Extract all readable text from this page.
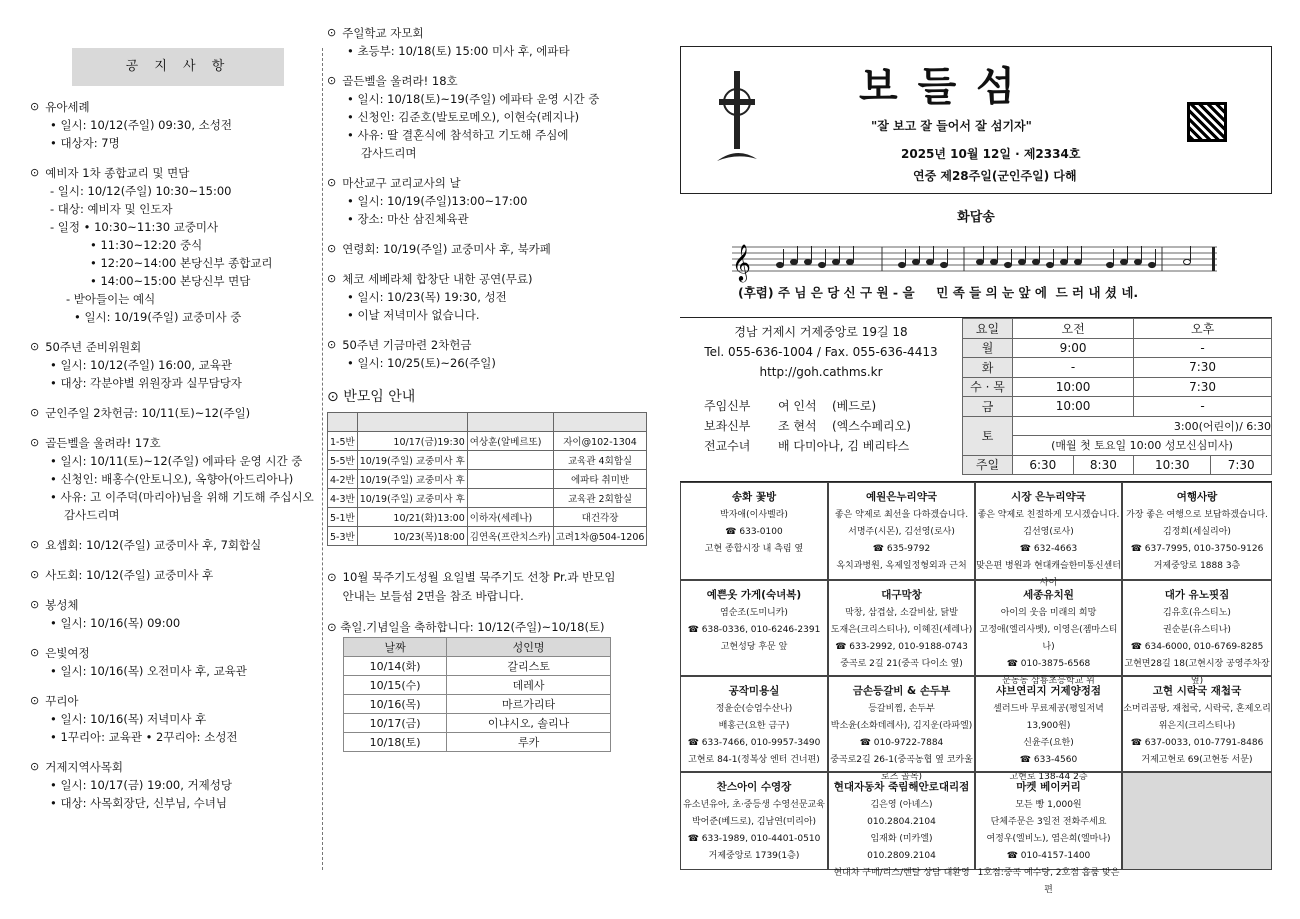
공 지 사 항
⊙ 유아세례
• 일시: 10/12(주일) 09:30, 소성전
• 대상자: 7명
⊙ 예비자 1차 종합교리 및 면담
- 일시: 10/12(주일) 10:30~15:00
- 대상: 예비자 및 인도자
- 일정 • 10:30~11:30 교중미사
• 11:30~12:20 중식
• 12:20~14:00 본당신부 종합교리
• 14:00~15:00 본당신부 면담
- 받아들이는 예식
• 일시: 10/19(주일) 교중미사 중
⊙ 50주년 준비위원회
• 일시: 10/12(주일) 16:00, 교육관
• 대상: 각분야별 위원장과 실무담당자
⊙ 군인주일 2차헌금: 10/11(토)~12(주일)
⊙ 골든벨을 울려라! 17호
• 일시: 10/11(토)~12(주일) 에파타 운영 시간 중
• 신청인: 배홍수(안토니오), 옥향아(아드리아나)
• 사유: 고 이주덕(마리아)님을 위해 기도해 주십시오
감사드리며
⊙ 요셉회: 10/12(주일) 교중미사 후, 7회합실
⊙ 사도회: 10/12(주일) 교중미사 후
⊙ 봉성체
• 일시: 10/16(목) 09:00
⊙ 은빛여정
• 일시: 10/16(목) 오전미사 후, 교육관
⊙ 꾸리아
• 일시: 10/16(목) 저녁미사 후
• 1꾸리아: 교육관 • 2꾸리아: 소성전
⊙ 거제지역사목회
• 일시: 10/17(금) 19:00, 거제성당
• 대상: 사목회장단, 신부님, 수녀님
⊙ 주일학교 자모회
• 초등부: 10/18(토) 15:00 미사 후, 에파타
⊙ 골든벨을 울려라! 18호
• 일시: 10/18(토)~19(주일) 에파타 운영 시간 중
• 신청인: 김준호(발토로메오), 이현숙(레지나)
• 사유: 딸 결혼식에 참석하고 기도해 주심에
감사드리며
⊙ 마산교구 교리교사의 날
• 일시: 10/19(주일)13:00~17:00
• 장소: 마산 삼진체육관
⊙ 연령회: 10/19(주일) 교중미사 후, 북카페
⊙ 체코 세베라체 합창단 내한 공연(무료)
• 일시: 10/23(목) 19:30, 성전
• 이날 저녁미사 없습니다.
⊙ 50주년 기금마련 2차헌금
• 일시: 10/25(토)~26(주일)
⊙ 반모임 안내

1-5반	10/17(금)19:30	여상훈(알베르또)	자이@102-1304
5-5반	10/19(주일) 교중미사 후		교육관 4회합실
4-2반	10/19(주일) 교중미사 후		에파타 취미반
4-3반	10/19(주일) 교중미사 후		교육관 2회합실
5-1반	10/21(화)13:00	이하자(세레나)	대건각장
5-3반	10/23(목)18:00	김연옥(프란치스카)	고려1차@504-1206
⊙ 10월 묵주기도성월 요일별 묵주기도 선창 Pr.과 반모임 안내는 보들섬 2면을 참조 바랍니다.
⊙ 축일.기념일을 축하합니다: 10/12(주일)~10/18(토)
날짜	성인명
10/14(화)	갈리스토
10/15(수)	데레사
10/16(목)	마르가리타
10/17(금)	이냐시오, 솔리나
10/18(토)	루카
보들섬
"잘 보고 잘 들어서 잘 섬기자"
2025년 10월 12일 · 제2334호
연중 제28주일(군인주일) 다해
화답송
𝄞
(후렴) 주 님 은 당 신 구 원 - 을     민 족 들 의 눈 앞 에  드 러 내 셨 네.
경남 거제시 거제중앙로 19길 18
Tel. 055-636-1004 / Fax. 055-636-4413
http://goh.cathms.kr
주임신부	여 인석	(베드로)
보좌신부	조 현석	(엑스수페리오)
전교수녀	배 다미아나, 김 베리타스
요일	오전		오후	
월	9:00		-	
화	-		7:30	
수 · 목	10:00		7:30	
금	10:00		-	
토	3:00(어린이)/ 6:30			
	(매월 첫 토요일 10:00 성모신심미사)			
주일	6:30	8:30	10:30	7:30
송화 꽃방
박자애(이사벨라)
☎ 633-0100
고현 종합시장 내 측림 옆
예원은누리약국
좋은 약제로 최선을 다하겠습니다.
서명주(시몬), 김선영(로사)
☎ 635-9792
옥치과병원, 옥제일정형외과 근처
시장 은누리약국
좋은 약제로 친절하게 모시겠습니다.
김선영(로사)
☎ 632-4663
맞은편 병원과 현대캐슬한미통신센터 사이
여행사랑
가장 좋은 여행으로 보답하겠습니다.
김정희(세실리아)
☎ 637-7995, 010-3750-9126
거제중앙로 1888 3층
예쁜옷 가게(숙녀복)
염순조(도미니카)
☎ 638-0336, 010-6246-2391
고현성당 후문 앞
대구막창
막창, 삼겹살, 소갈비살, 닭발
도재은(크리스티나), 이혜진(세레나)
☎ 633-2992, 010-9188-0743
중곡로 2길 21(중곡 다이소 옆)
세종유치원
아이의 웃음 미래의 희망
고정애(엘리사벳), 이영은(젬마스티나)
☎ 010-3875-6568
문동동 삼룡초등학교 위
대가 유노핏짐
김유호(유스티노)
권순분(유스티나)
☎ 634-6000, 010-6769-8285
고현면28길 18(고현시장 공영주차장 옆)
공작미용실
정윤순(승엄수산나)
배홍근(요한 금구)
☎ 633-7466, 010-9957-3490
고현로 84-1(정복상 엔터 건너편)
금손등갈비 & 손두부
등갈비찜, 손두부
박소윤(소화데레사), 김지운(라파엘)
☎ 010-9722-7884
중곡로2길 26-1(중곡농협 옆 코카울로즈 골목)
샤브연리지 거제양정점
셀러드바 무료제공(평일저녁 13,900원)
신윤주(요한)
☎ 633-4560
고현로 138-44 2층
고현 시락국 재첩국
소머리곰탕, 재첩국, 시락국, 혼제오리
위은지(크리스티나)
☎ 637-0033, 010-7791-8486
거제고현로 69(고현동 서문)
찬스아이 수영장
유소년유아, 초·중등생 수영선문교육
박어준(베드로), 김남연(미리아)
☎ 633-1989, 010-4401-0510
거제중앙로 1739(1층)
현대자동차 죽림해안로대리점
김은영 (아녜스)
010.2804.2104
임재화 (미카엘)
010.2809.2104
현대차 구매/리스/렌탈 상담 대환영
마켓 베이커리
모든 빵 1,000원
단체주문은 3일전 전화주세요
여정우(엘비노), 염은희(엘마나)
☎ 010-4157-1400
1호점:중곡 예수당, 2호점 흡룸 맞은편
